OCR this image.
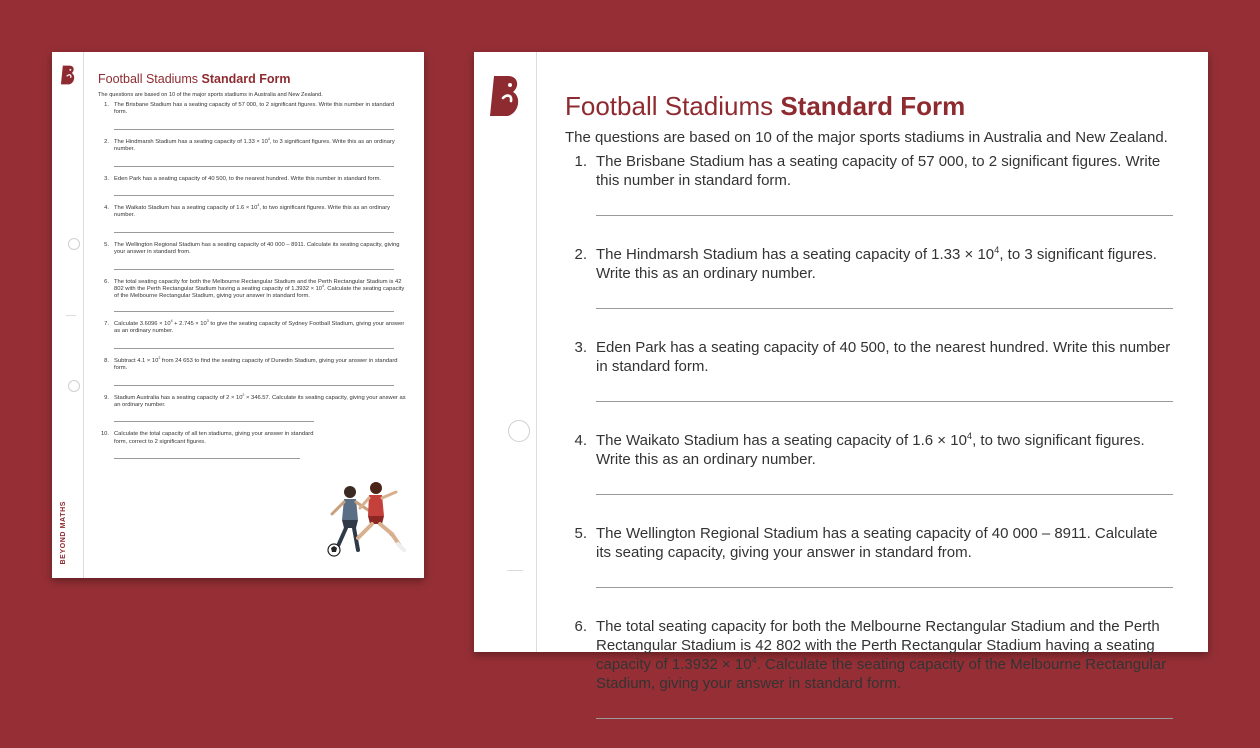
BEYOND MATHS
Football Stadiums Standard Form

The questions are based on 10 of the major sports stadiums in Australia and New Zealand.

1. The Brisbane Stadium has a seating capacity of 57 000, to 2 significant figures. Write this number in standard form.
2. The Hindmarsh Stadium has a seating capacity of $1.33 \times 10^4$, to 3 significant figures. Write this as an ordinary number.
3. Eden Park has a seating capacity of 40 500, to the nearest hundred. Write this number in standard form.
4. The Waikato Stadium has a seating capacity of $1.6 \times 10^4$, to two significant figures. Write this as an ordinary number.
5. The Wellington Regional Stadium has a seating capacity of 40 000 – 8911. Calculate its seating capacity, giving your answer in standard from.
6. The total seating capacity for both the Melbourne Rectangular Stadium and the Perth Rectangular Stadium is 42 802 with the Perth Rectangular Stadium having a seating capacity of $1.3932 \times 10^4$. Calculate the seating capacity of the Melbourne Rectangular Stadium, giving your answer in standard form.
7. Calculate $3.6096 \times 10^4 + 2.745 \times 10^3$ to give the seating capacity of Sydney Football Stadium, giving your answer as an ordinary number.
8. Subtract $4.1 \times 10^2$ from 24 653 to find the seating capacity of Dunedin Stadium, giving your answer in standard form.
9. Stadium Australia has a seating capacity of $2 \times 10^2 \times 346.57$. Calculate its seating capacity, giving your answer as an ordinary number.
10. Calculate the total capacity of all ten stadiums, giving your answer in standard form, correct to 2 significant figures.
Football Stadiums Standard Form

The questions are based on 10 of the major sports stadiums in Australia and New Zealand.

1. The Brisbane Stadium has a seating capacity of 57 000, to 2 significant figures. Write this number in standard form.
2. The Hindmarsh Stadium has a seating capacity of $1.33 \times 10^4$, to 3 significant figures. Write this as an ordinary number.
3. Eden Park has a seating capacity of 40 500, to the nearest hundred. Write this number in standard form.
4. The Waikato Stadium has a seating capacity of $1.6 \times 10^4$, to two significant figures. Write this as an ordinary number.
5. The Wellington Regional Stadium has a seating capacity of 40 000 – 8911. Calculate its seating capacity, giving your answer in standard from.
6. The total seating capacity for both the Melbourne Rectangular Stadium and the Perth Rectangular Stadium is 42 802 with the Perth Rectangular Stadium having a seating capacity of $1.3932 \times 10^4$. Calculate the seating capacity of the Melbourne Rectangular Stadium, giving your answer in standard form.
